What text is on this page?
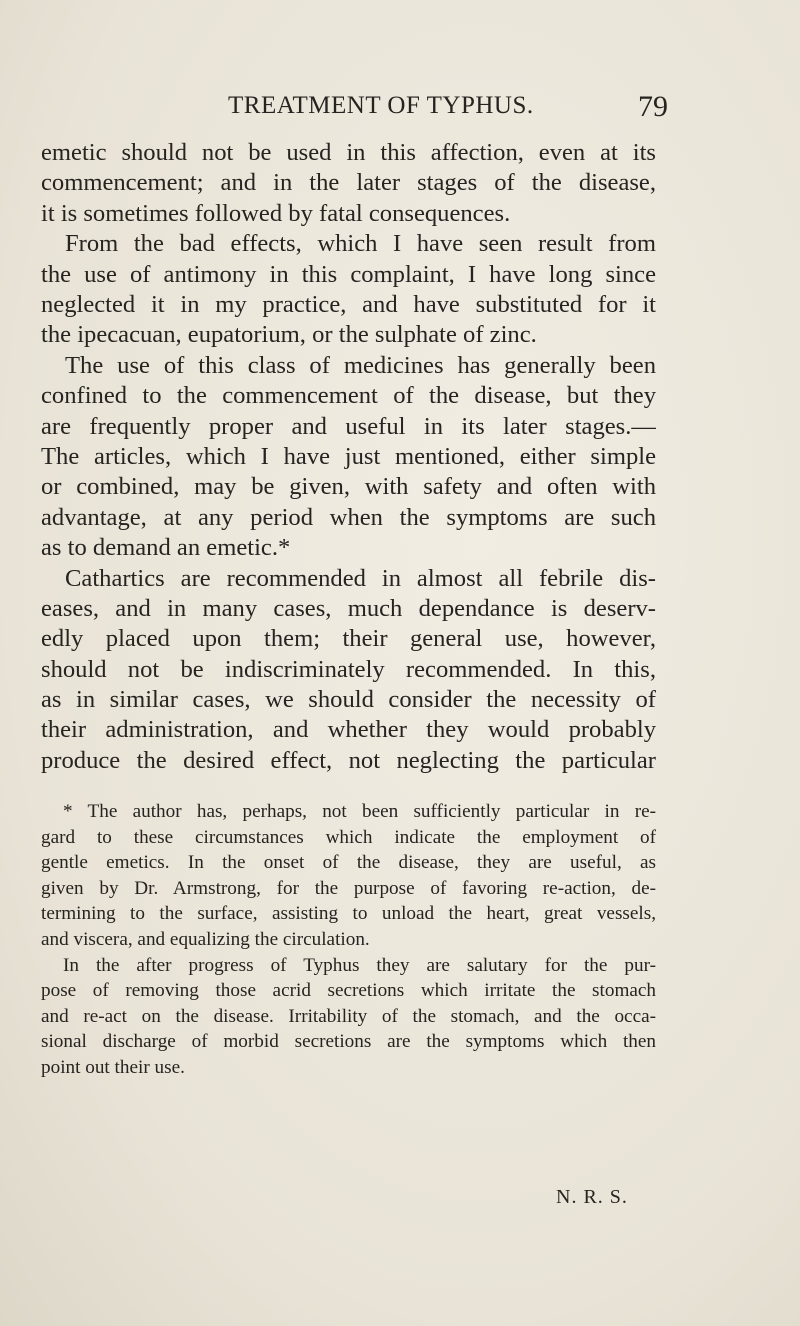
TREATMENT OF TYPHUS.	79
emetic should not be used in this affection, even at its
commencement; and in the later stages of the disease,
it is sometimes followed by fatal consequences.
From the bad effects, which I have seen result from
the use of antimony in this complaint, I have long since
neglected it in my practice, and have substituted for it
the ipecacuan, eupatorium, or the sulphate of zinc.
The use of this class of medicines has generally been
confined to the commencement of the disease, but they
are frequently proper and useful in its later stages.—
The articles, which I have just mentioned, either simple
or combined, may be given, with safety and often with
advantage, at any period when the symptoms are such
as to demand an emetic.*
Cathartics are recommended in almost all febrile dis-
eases, and in many cases, much dependance is deserv-
edly placed upon them; their general use, however,
should not be indiscriminately recommended. In this,
as in similar cases, we should consider the necessity of
their administration, and whether they would probably
produce the desired effect, not neglecting the particular
* The author has, perhaps, not been sufficiently particular in re-
gard to these circumstances which indicate the employment of
gentle emetics. In the onset of the disease, they are useful, as
given by Dr. Armstrong, for the purpose of favoring re-action, de-
termining to the surface, assisting to unload the heart, great vessels,
and viscera, and equalizing the circulation.
In the after progress of Typhus they are salutary for the pur-
pose of removing those acrid secretions which irritate the stomach
and re-act on the disease. Irritability of the stomach, and the occa-
sional discharge of morbid secretions are the symptoms which then
point out their use.
N. R. S.
